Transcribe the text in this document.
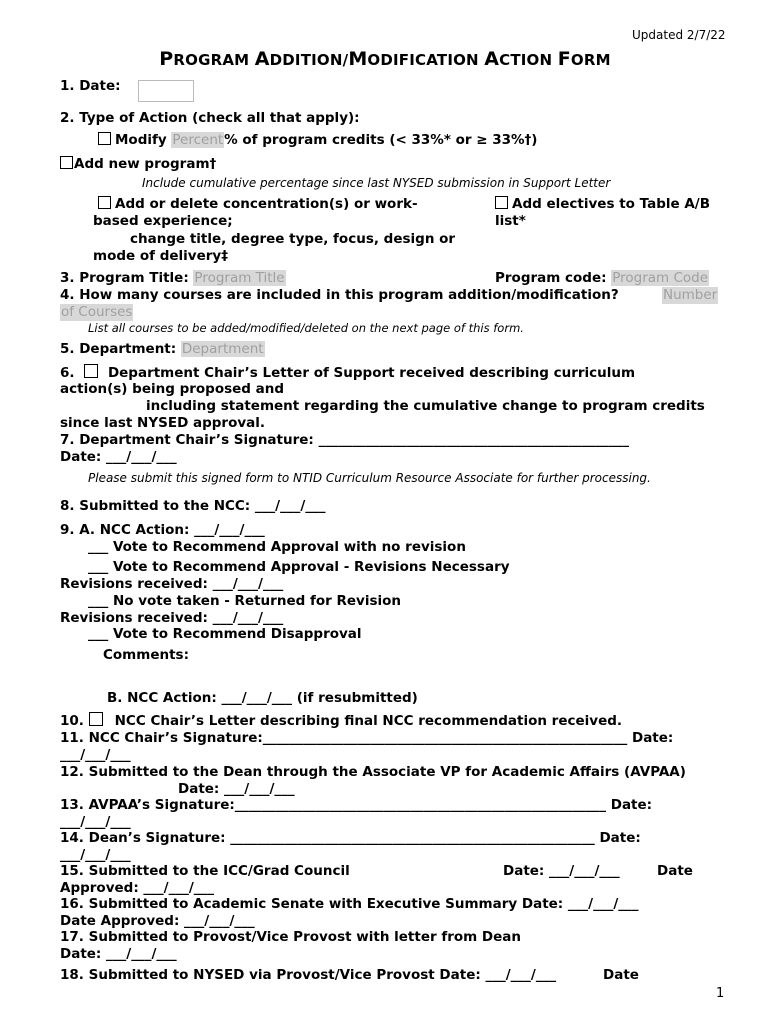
Updated 2/7/22
PROGRAM ADDITION/MODIFICATION ACTION FORM
1. Date:
2. Type of Action (check all that apply):
Modify Percent% of program credits (< 33%* or ≥ 33%†)
Add new program†
Include cumulative percentage since last NYSED submission in Support Letter
Add or delete concentration(s) or work-
based experience;
change title, degree type, focus, design or
mode of delivery‡
Add electives to Table A/B
list*
3. Program Title: Program Title	Program code: Program Code
4. How many courses are included in this program addition/modification?	Number
of Courses
List all courses to be added/modified/deleted on the next page of this form.
5. Department: Department
6. Department Chair’s Letter of Support received describing curriculum
action(s) being proposed and
including statement regarding the cumulative change to program credits
since last NYSED approval.
7. Department Chair’s Signature: ______________________________________________
Date: ___/___/___
Please submit this signed form to NTID Curriculum Resource Associate for further processing.
8. Submitted to the NCC: ___/___/___
9. A. NCC Action: ___/___/___
___ Vote to Recommend Approval with no revision
___ Vote to Recommend Approval - Revisions Necessary
Revisions received: ___/___/___
___ No vote taken - Returned for Revision
Revisions received: ___/___/___
___ Vote to Recommend Disapproval
Comments:
B. NCC Action: ___/___/___ (if resubmitted)
10. NCC Chair’s Letter describing final NCC recommendation received.
11. NCC Chair’s Signature:______________________________________________________ Date:
___/___/___
12. Submitted to the Dean through the Associate VP for Academic Affairs (AVPAA)
Date: ___/___/___
13. AVPAA’s Signature:_______________________________________________________ Date:
___/___/___
14. Dean’s Signature: ______________________________________________________ Date:
___/___/___
15. Submitted to the ICC/Grad Council	Date: ___/___/___	Date
Approved: ___/___/___
16. Submitted to Academic Senate with Executive Summary Date: ___/___/___
Date Approved: ___/___/___
17. Submitted to Provost/Vice Provost with letter from Dean
Date: ___/___/___
18. Submitted to NYSED via Provost/Vice Provost Date: ___/___/___	Date
1
